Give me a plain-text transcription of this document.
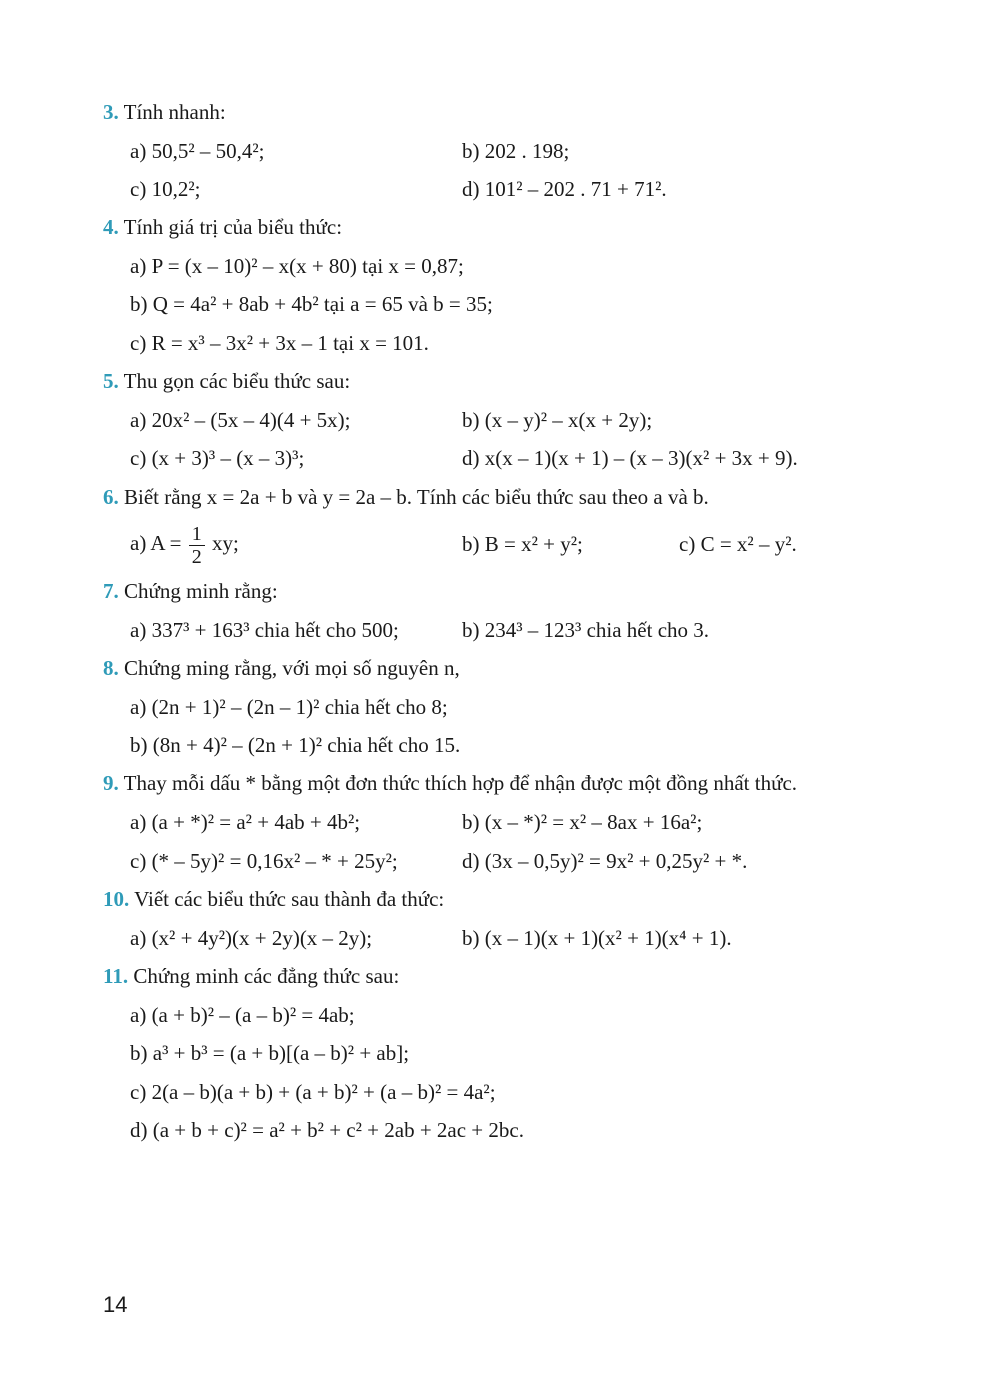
3. Tính nhanh:
a) 50,5² – 50,4²;	b) 202 . 198;
c) 10,2²;	d) 101² – 202 . 71 + 71².
4. Tính giá trị của biểu thức:
a) P = (x – 10)² – x(x + 80) tại x = 0,87;
b) Q = 4a² + 8ab + 4b² tại a = 65 và b = 35;
c) R = x³ – 3x² + 3x – 1 tại x = 101.
5. Thu gọn các biểu thức sau:
a) 20x² – (5x – 4)(4 + 5x);	b) (x – y)² – x(x + 2y);
c) (x + 3)³ – (x – 3)³;	d) x(x – 1)(x + 1) – (x – 3)(x² + 3x + 9).
6. Biết rằng x = 2a + b và y = 2a – b. Tính các biểu thức sau theo a và b.
a) $A = \frac{1}{2}$ xy;	b) B = x² + y²;	c) C = x² – y².
7. Chứng minh rằng:
a) 337³ + 163³ chia hết cho 500;	b) 234³ – 123³ chia hết cho 3.
8. Chứng ming rằng, với mọi số nguyên n,
a) (2n + 1)² – (2n – 1)² chia hết cho 8;
b) (8n + 4)² – (2n + 1)² chia hết cho 15.
9. Thay mỗi dấu * bằng một đơn thức thích hợp để nhận được một đồng nhất thức.
a) (a + *)² = a² + 4ab + 4b²;	b) (x – *)² = x² – 8ax + 16a²;
c) (* – 5y)² = 0,16x² – * + 25y²;	d) (3x – 0,5y)² = 9x² + 0,25y² + *.
10. Viết các biểu thức sau thành đa thức:
a) (x² + 4y²)(x + 2y)(x – 2y);	b) (x – 1)(x + 1)(x² + 1)(x⁴ + 1).
11. Chứng minh các đẳng thức sau:
a) (a + b)² – (a – b)² = 4ab;
b) a³ + b³ = (a + b)[(a – b)² + ab];
c) 2(a – b)(a + b) + (a + b)² + (a – b)² = 4a²;
d) (a + b + c)² = a² + b² + c² + 2ab + 2ac + 2bc.
14
